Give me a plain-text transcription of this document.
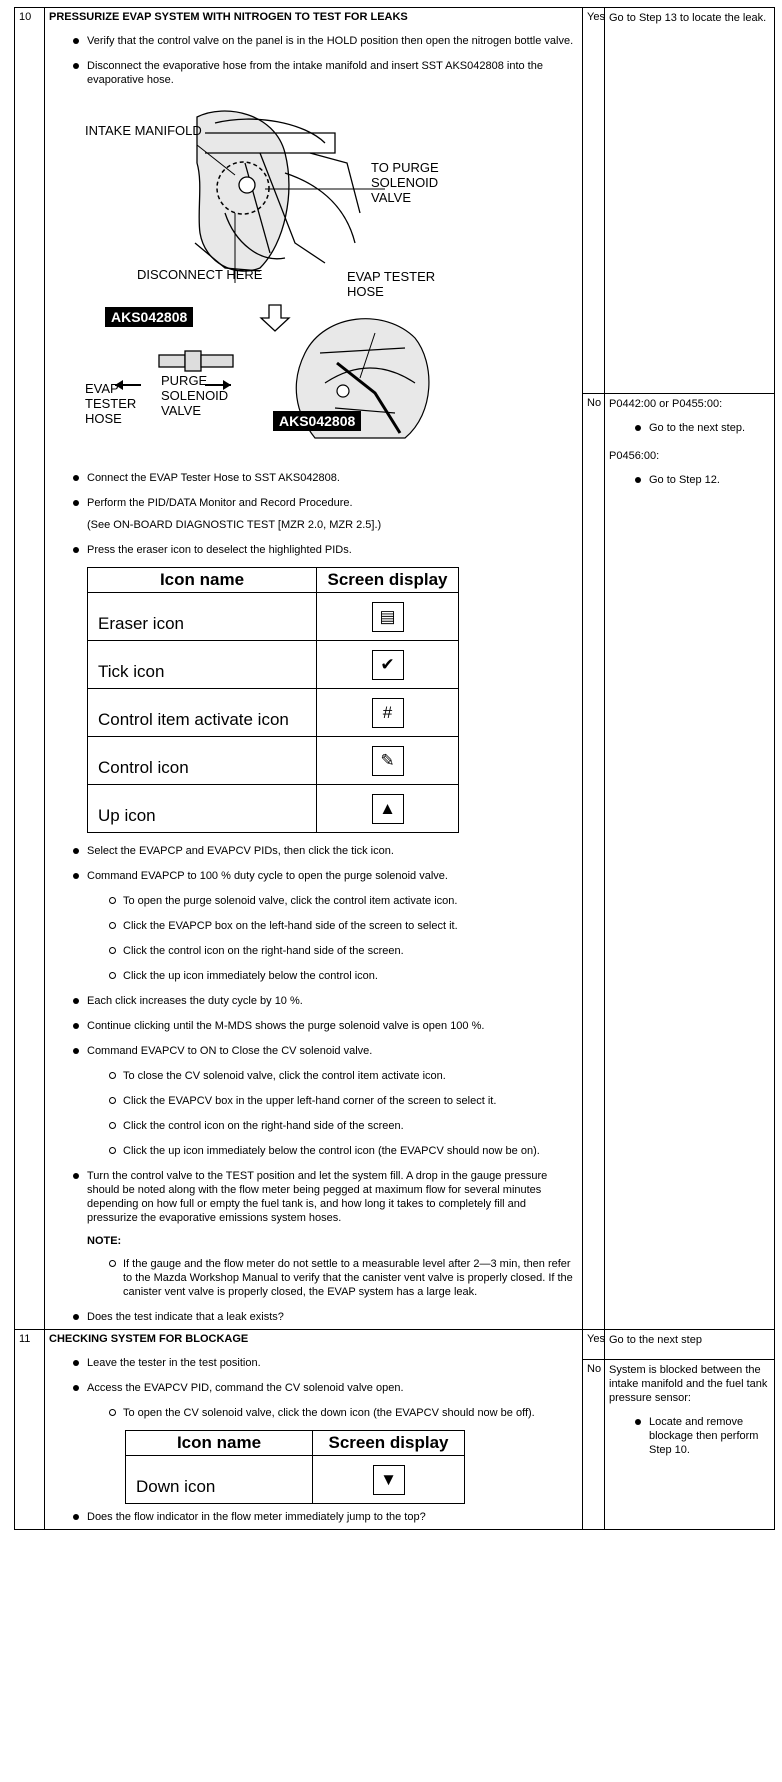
10	PRESSURIZE EVAP SYSTEM WITH NITROGEN TO TEST FOR LEAKS
Verify that the control valve on the panel is in the HOLD position then open the nitrogen bottle valve.
Disconnect the evaporative hose from the intake manifold and insert SST AKS042808 into the evaporative hose.
INTAKE MANIFOLD
TO PURGE SOLENOID VALVE
DISCONNECT HERE	EVAP TESTER HOSE
AKS042808
EVAP TESTER HOSE
PURGE SOLENOID VALVE
AKS042808
Connect the EVAP Tester Hose to SST AKS042808.
Perform the PID/DATA Monitor and Record Procedure.
(See ON-BOARD DIAGNOSTIC TEST [MZR 2.0, MZR 2.5].)
Press the eraser icon to deselect the highlighted PIDs.
Icon name	Screen display
Eraser icon	▤
Tick icon	✔
Control item activate icon	#
Control icon	✎
Up icon	▲
Select the EVAPCP and EVAPCV PIDs, then click the tick icon.
Command EVAPCP to 100 % duty cycle to open the purge solenoid valve.
To open the purge solenoid valve, click the control item activate icon.
Click the EVAPCP box on the left-hand side of the screen to select it.
Click the control icon on the right-hand side of the screen.
Click the up icon immediately below the control icon.
Each click increases the duty cycle by 10 %.
Continue clicking until the M-MDS shows the purge solenoid valve is open 100 %.
Command EVAPCV to ON to Close the CV solenoid valve.
To close the CV solenoid valve, click the control item activate icon.
Click the EVAPCV box in the upper left-hand corner of the screen to select it.
Click the control icon on the right-hand side of the screen.
Click the up icon immediately below the control icon (the EVAPCV should now be on).
Turn the control valve to the TEST position and let the system fill. A drop in the gauge pressure should be noted along with the flow meter being pegged at maximum flow for several minutes depending on how full or empty the fuel tank is, and how long it takes to completely fill and pressurize the evaporative emissions system hoses.
NOTE:
If the gauge and the flow meter do not settle to a measurable level after 2—3 min, then refer to the Mazda Workshop Manual to verify that the canister vent valve is properly closed. If the canister vent valve is properly closed, the EVAP system has a large leak.
Does the test indicate that a leak exists?
	Yes	Go to Step 13 to locate the leak.
No	P0442:00 or P0455:00:
Go to the next step.
P0456:00:
Go to Step 12.

11	CHECKING SYSTEM FOR BLOCKAGE
Leave the tester in the test position.
Access the EVAPCV PID, command the CV solenoid valve open.
To open the CV solenoid valve, click the down icon (the EVAPCV should now be off).
Icon name	Screen display
Down icon	▼
Does the flow indicator in the flow meter immediately jump to the top?
	Yes	Go to the next step
No	System is blocked between the intake manifold and the fuel tank pressure sensor:
Locate and remove blockage then perform Step 10.
